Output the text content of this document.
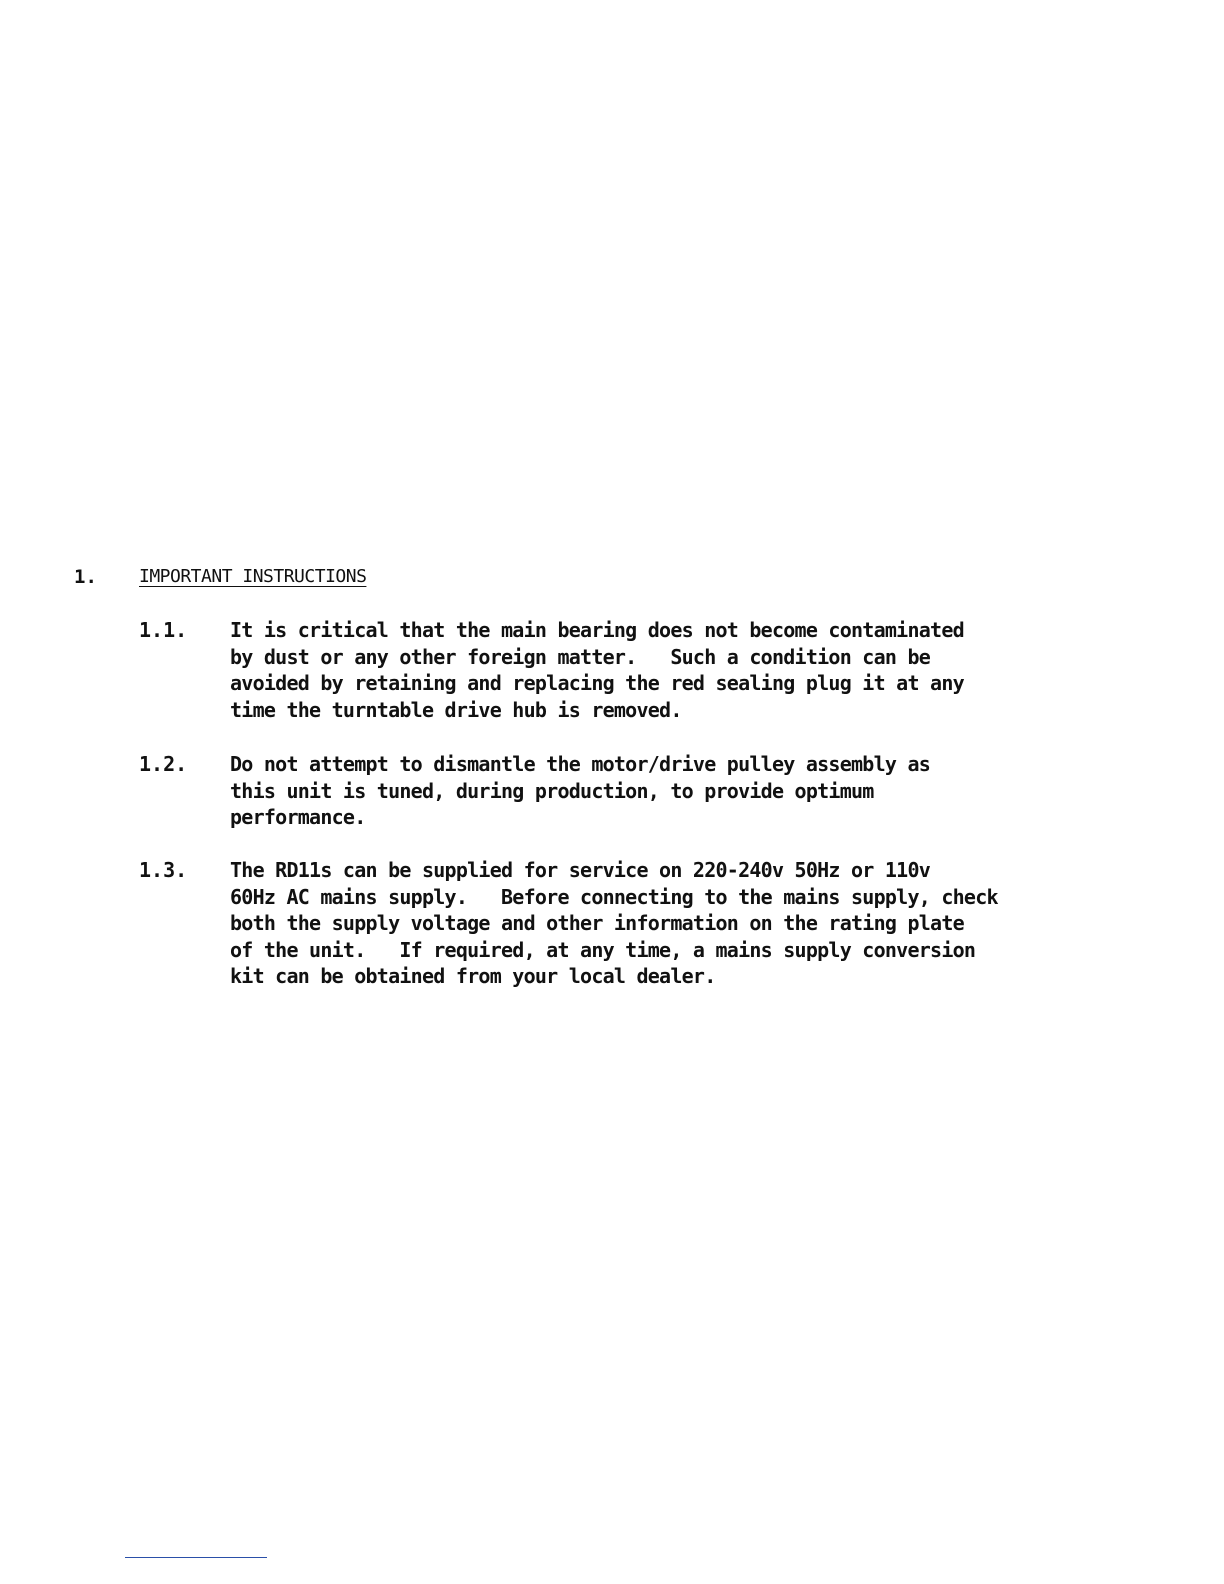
1. IMPORTANT INSTRUCTIONS
1.1. It is critical that the main bearing does not become contaminated
by dust or any other foreign matter.   Such a condition can be
avoided by retaining and replacing the red sealing plug it at any
time the turntable drive hub is removed.
1.2. Do not attempt to dismantle the motor/drive pulley assembly as
this unit is tuned, during production, to provide optimum
performance.
1.3. The RD11s can be supplied for service on 220-240v 50Hz or 110v
60Hz AC mains supply.   Before connecting to the mains supply, check
both the supply voltage and other information on the rating plate
of the unit.   If required, at any time, a mains supply conversion
kit can be obtained from your local dealer.
